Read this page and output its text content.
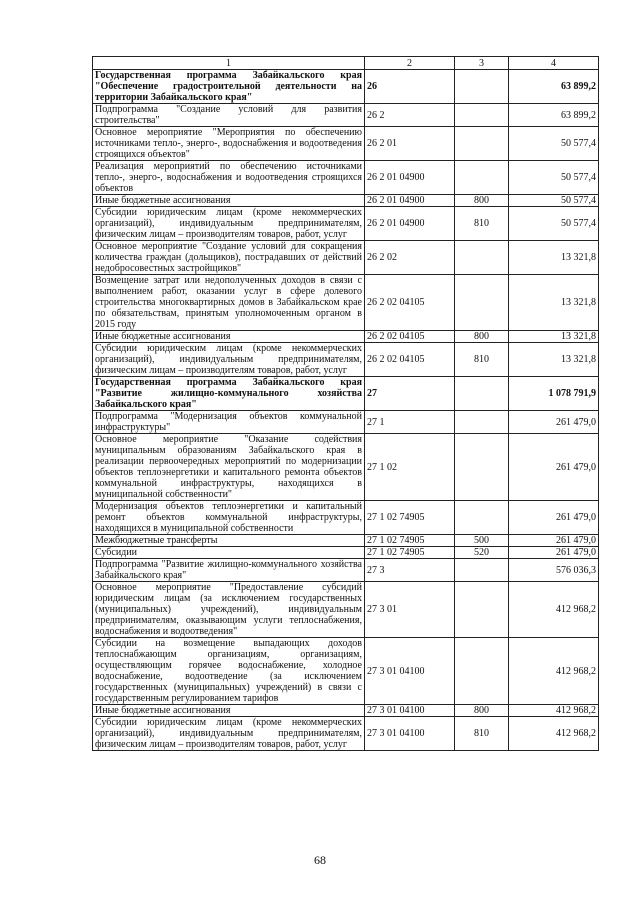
1	2	3	4
Государственная программа Забайкальского края "Обеспечение градостроительной деятельности на территории Забайкальского края"	26		63 899,2
Подпрограмма "Создание условий для развития строительства"	26 2		63 899,2
Основное мероприятие "Мероприятия по обеспечению источниками тепло-, энерго-, водоснабжения и водоотведения строящихся объектов"	26 2 01		50 577,4
Реализация мероприятий по обеспечению источниками тепло-, энерго-, водоснабжения и водоотведения строящихся объектов	26 2 01 04900		50 577,4
Иные бюджетные ассигнования	26 2 01 04900	800	50 577,4
Субсидии юридическим лицам (кроме некоммерческих организаций), индивидуальным предпринимателям, физическим лицам – производителям товаров, работ, услуг	26 2 01 04900	810	50 577,4
Основное мероприятие "Создание условий для сокращения количества граждан (дольщиков), пострадавших от действий недобросовестных застройщиков"	26 2 02		13 321,8
Возмещение затрат или недополученных доходов в связи с выполнением работ, оказании услуг в сфере долевого строительства многоквартирных домов в Забайкальском крае по обязательствам, принятым уполномоченным органом в 2015 году	26 2 02 04105		13 321,8
Иные бюджетные ассигнования	26 2 02 04105	800	13 321,8
Субсидии юридическим лицам (кроме некоммерческих организаций), индивидуальным предпринимателям, физическим лицам – производителям товаров, работ, услуг	26 2 02 04105	810	13 321,8
Государственная программа Забайкальского края "Развитие жилищно-коммунального хозяйства Забайкальского края"	27		1 078 791,9
Подпрограмма "Модернизация объектов коммунальной инфраструктуры"	27 1		261 479,0
Основное мероприятие "Оказание содействия муниципальным образованиям Забайкальского края в реализации первоочередных мероприятий по модернизации объектов теплоэнергетики и капитального ремонта объектов коммунальной инфраструктуры, находящихся в муниципальной собственности"	27 1 02		261 479,0
Модернизация объектов теплоэнергетики и капитальный ремонт объектов коммунальной инфраструктуры, находящихся в муниципальной собственности	27 1 02 74905		261 479,0
Межбюджетные трансферты	27 1 02 74905	500	261 479,0
Субсидии	27 1 02 74905	520	261 479,0
Подпрограмма "Развитие жилищно-коммунального хозяйства Забайкальского края"	27 3		576 036,3
Основное мероприятие "Предоставление субсидий юридическим лицам (за исключением государственных (муниципальных) учреждений), индивидуальным предпринимателям, оказывающим услуги теплоснабжения, водоснабжения и водоотведения"	27 3 01		412 968,2
Субсидии на возмещение выпадающих доходов теплоснабжающим организациям, организациям, осуществляющим горячее водоснабжение, холодное водоснабжение, водоотведение (за исключением государственных (муниципальных) учреждений) в связи с государственным регулированием тарифов	27 3 01 04100		412 968,2
Иные бюджетные ассигнования	27 3 01 04100	800	412 968,2
Субсидии юридическим лицам (кроме некоммерческих организаций), индивидуальным предпринимателям, физическим лицам – производителям товаров, работ, услуг	27 3 01 04100	810	412 968,2
68
